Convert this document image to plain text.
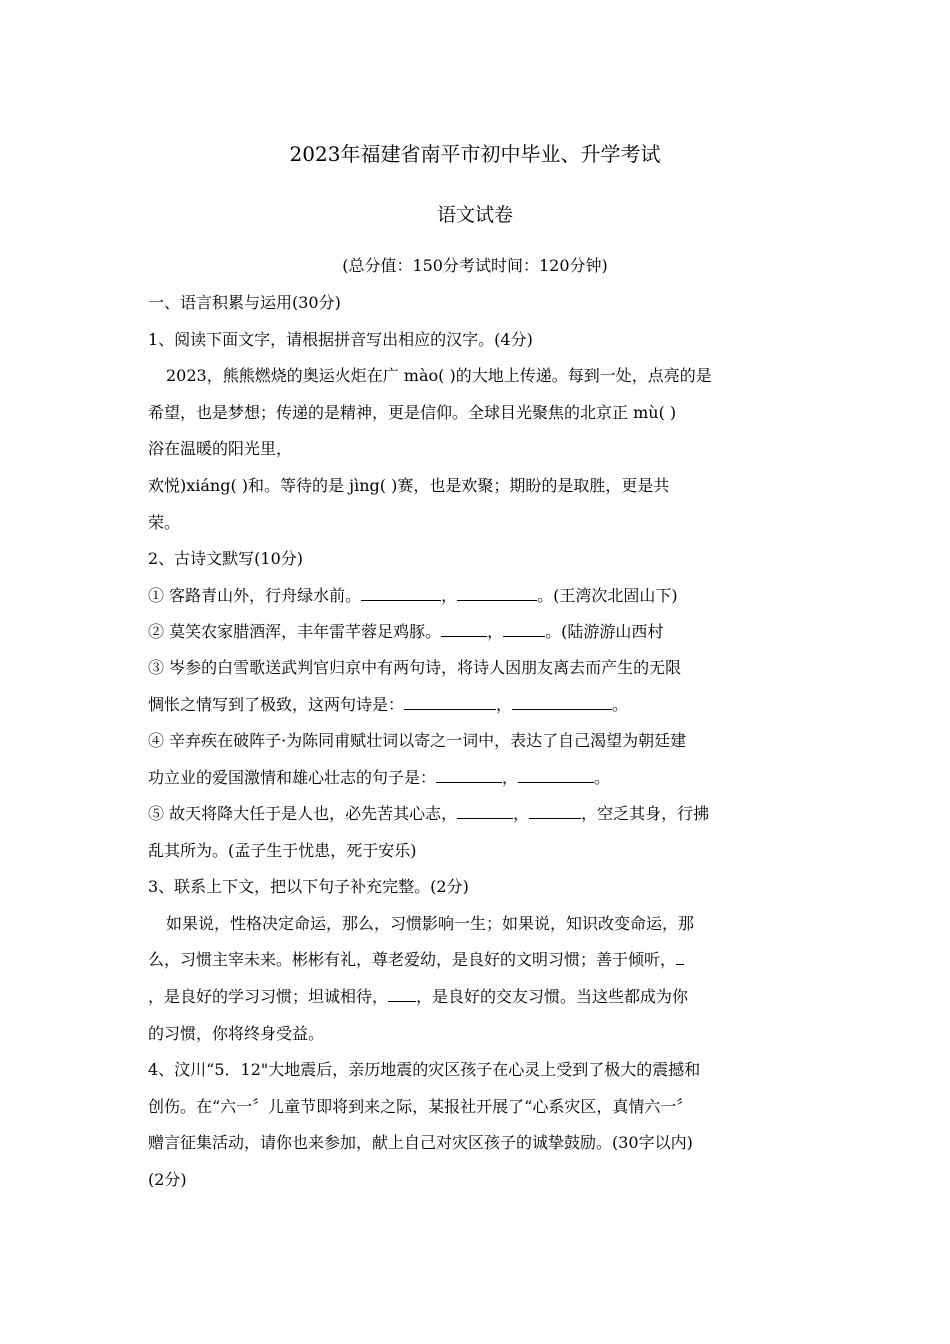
2023年福建省南平市初中毕业、升学考试
语文试卷
(总分值：150分考试时间：120分钟)
一、语言积累与运用(30分)
1、阅读下面文字，请根据拼音写出相应的汉字。(4分)
2023，熊熊燃烧的奥运火炬在广 mào( )的大地上传递。每到一处，点亮的是
希望，也是梦想；传递的是精神，更是信仰。全球目光聚焦的北京正 mù( )
浴在温暖的阳光里，
欢悦)xiáng( )和。等待的是 jìng( )赛，也是欢聚；期盼的是取胜，更是共
荣。
2、古诗文默写(10分)
① 客路青山外，行舟绿水前。	，	。(王湾次北固山下)
② 莫笑农家腊酒浑，丰年雷芊蓉足鸡豚。	，	。(陆游游山西村
③ 岑参的白雪歌送武判官归京中有两句诗，将诗人因朋友离去而产生的无限
惆怅之情写到了极致，这两句诗是：	，	。
④ 辛弃疾在破阵子·为陈同甫赋壮词以寄之一词中，表达了自己渴望为朝廷建
功立业的爱国激情和雄心壮志的句子是：	，	。
⑤ 故天将降大任于是人也，必先苦其心志，	，	，空乏其身，行拂
乱其所为。(孟子生于忧患，死于安乐)
3、联系上下文，把以下句子补充完整。(2分)
如果说，性格决定命运，那么，习惯影响一生；如果说，知识改变命运，那
么，习惯主宰未来。彬彬有礼，尊老爱幼，是良好的文明习惯；善于倾听，
，是良好的学习习惯；坦诚相待， ，是良好的交友习惯。当这些都成为你
的习惯，你将终身受益。
4、汶川“5．12"大地震后，亲历地震的灾区孩子在心灵上受到了极大的震撼和
创伤。在“六一〞儿童节即将到来之际，某报社开展了“心系灾区，真情六一〞
赠言征集活动，请你也来参加，献上自己对灾区孩子的诚挚鼓励。(30字以内)
(2分)
